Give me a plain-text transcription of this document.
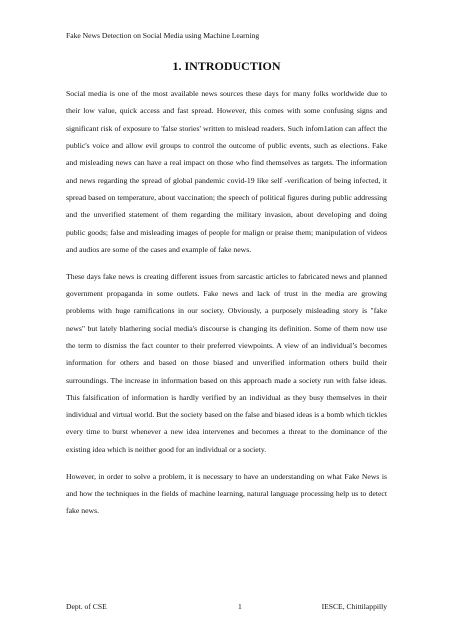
Fake News Detection on Social Media using Machine Learning
1. INTRODUCTION

Social media is one of the most available news sources these days for many folks worldwide due to their low value, quick access and fast spread. However, this comes with some confusing signs and significant risk of exposure to 'false stories' written to mislead readers. Such infom1ation can affect the public's voice and allow evil groups to control the outcome of public events, such as elections. Fake and misleading news can have a real impact on those who find themselves as targets. The information and news regarding the spread of global pandemic covid-19 like self -verification of being infected, it spread based on temperature, about vaccination; the speech of political figures during public addressing and the unverified statement of them regarding the military invasion, about developing and doing public goods; false and misleading images of people for malign or praise them; manipulation of videos and audios are some of the cases and example of fake news.

These days fake news is creating different issues from sarcastic articles to fabricated news and planned government propaganda in some outlets. Fake news and lack of trust in the media are growing problems with huge ramifications in our society. Obviously, a purposely misleading story is "fake news" but lately blathering social media's discourse is changing its definition. Some of them now use the term to dismiss the fact counter to their preferred viewpoints. A view of an individual’s becomes information for others and based on those biased and unverified information others build their surroundings. The increase in information based on this approach made a society run with false ideas. This falsification of information is hardly verified by an individual as they busy themselves in their individual and virtual world. But the society based on the false and biased ideas is a bomb which tickles every time to burst whenever a new idea intervenes and becomes a threat to the dominance of the existing idea which is neither good for an individual or a society.

However, in order to solve a problem, it is necessary to have an understanding on what Fake News is and how the techniques in the fields of machine learning, natural language processing help us to detect fake news.

Dept. of CSE	1	IESCE, Chittilappilly
